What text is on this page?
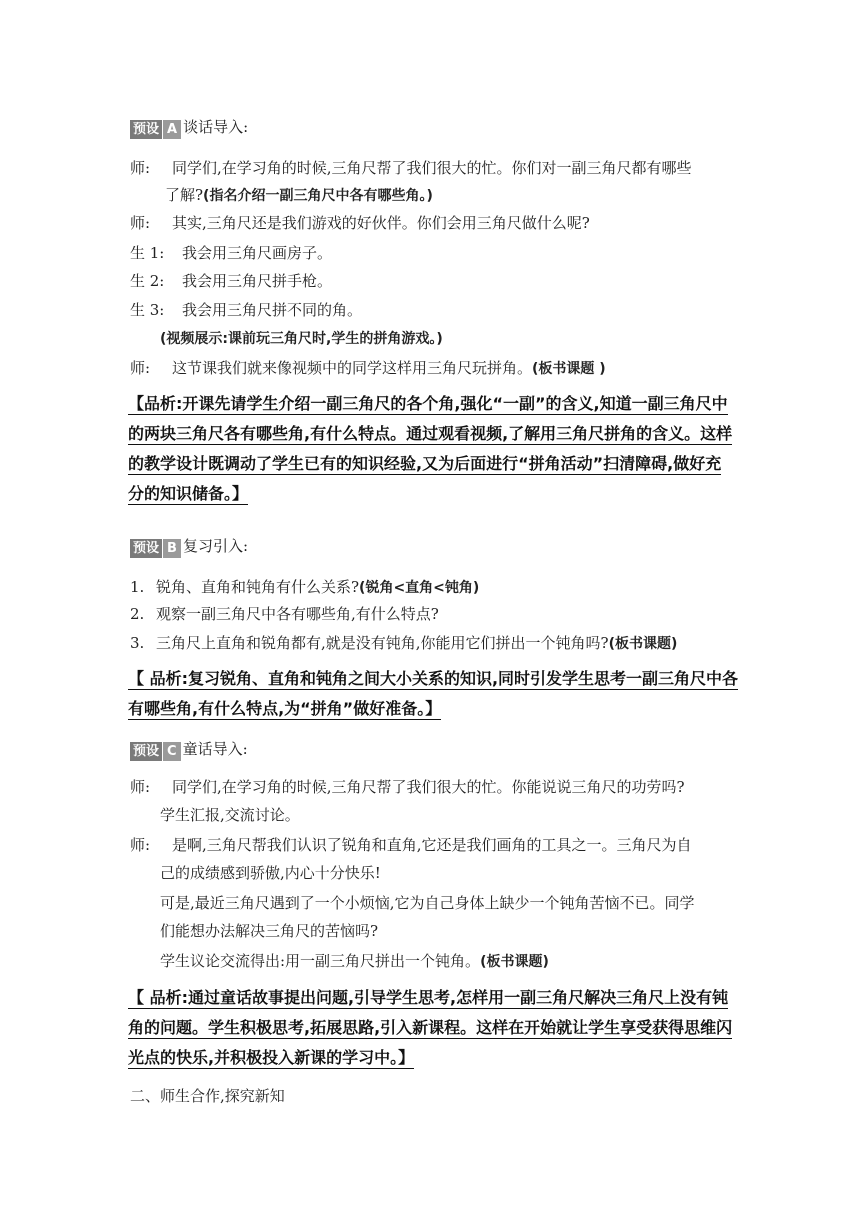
预设 A 谈话导入:
师: 同学们,在学习角的时候,三角尺帮了我们很大的忙。你们对一副三角尺都有哪些
了解?(指名介绍一副三角尺中各有哪些角。)
师: 其实,三角尺还是我们游戏的好伙伴。你们会用三角尺做什么呢?
生 1: 我会用三角尺画房子。
生 2: 我会用三角尺拼手枪。
生 3: 我会用三角尺拼不同的角。
(视频展示:课前玩三角尺时,学生的拼角游戏。)
师: 这节课我们就来像视频中的同学这样用三角尺玩拼角。(板书课题 )
【品析:开课先请学生介绍一副三角尺的各个角,强化“一副”的含义,知道一副三角尺中
的两块三角尺各有哪些角,有什么特点。通过观看视频,了解用三角尺拼角的含义。这样
的教学设计既调动了学生已有的知识经验,又为后面进行“拼角活动”扫清障碍,做好充
分的知识储备。】
预设 B 复习引入:
1. 锐角、直角和钝角有什么关系?(锐角<直角<钝角)
2. 观察一副三角尺中各有哪些角,有什么特点?
3. 三角尺上直角和锐角都有,就是没有钝角,你能用它们拼出一个钝角吗?(板书课题)
【 品析:复习锐角、直角和钝角之间大小关系的知识,同时引发学生思考一副三角尺中各
有哪些角,有什么特点,为“拼角”做好准备。】
预设 C 童话导入:
师: 同学们,在学习角的时候,三角尺帮了我们很大的忙。你能说说三角尺的功劳吗?
学生汇报,交流讨论。
师: 是啊,三角尺帮我们认识了锐角和直角,它还是我们画角的工具之一。三角尺为自
己的成绩感到骄傲,内心十分快乐!
可是,最近三角尺遇到了一个小烦恼,它为自己身体上缺少一个钝角苦恼不已。同学
们能想办法解决三角尺的苦恼吗?
学生议论交流得出:用一副三角尺拼出一个钝角。(板书课题)
【 品析:通过童话故事提出问题,引导学生思考,怎样用一副三角尺解决三角尺上没有钝
角的问题。学生积极思考,拓展思路,引入新课程。这样在开始就让学生享受获得思维闪
光点的快乐,并积极投入新课的学习中。】
二、师生合作,探究新知
